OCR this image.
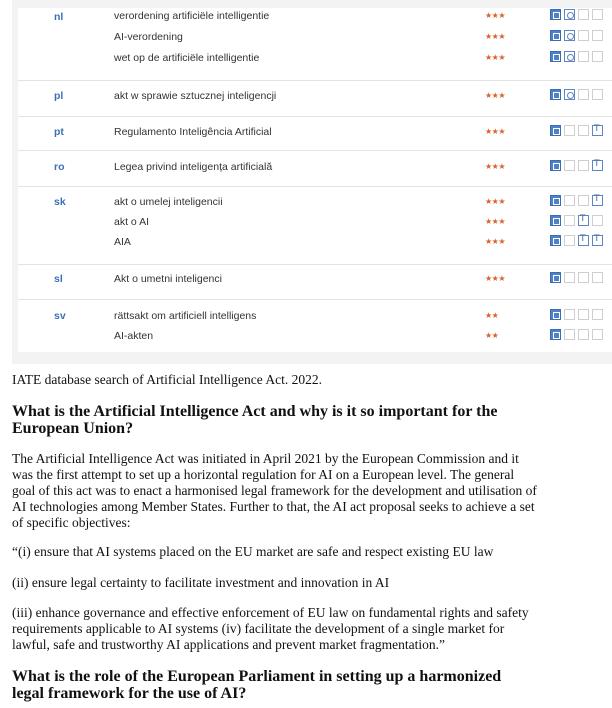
nl	verordening artificiële intelligentie	★★★
AI-verordening	★★★
wet op de artificiële intelligentie	★★★
pl	akt w sprawie sztucznej inteligencji	★★★
pt	Regulamento Inteligência Artificial	★★★
T
ro	Legea privind inteligența artificială	★★★
T
sk	akt o umelej inteligencii	★★★
T
akt o AI	★★★
T
AIA	★★★
TT
sl	Akt o umetni inteligenci	★★★
sv	rättsakt om artificiell intelligens	★★
AI-akten	★★
IATE database search of Artificial Intelligence Act. 2022.
What is the Artificial Intelligence Act and why is it so important for the European Union?
The Artificial Intelligence Act was initiated in April 2021 by the European Commission and it was the first attempt to set up a horizontal regulation for AI on a European level. The general goal of this act was to enact a harmonised legal framework for the development and utilisation of AI technologies among Member States. Further to that, the AI act proposal seeks to achieve a set of specific objectives:
“(i) ensure that AI systems placed on the EU market are safe and respect existing EU law
(ii) ensure legal certainty to facilitate investment and innovation in AI
(iii) enhance governance and effective enforcement of EU law on fundamental rights and safety requirements applicable to AI systems (iv) facilitate the development of a single market for lawful, safe and trustworthy AI applications and prevent market fragmentation.”
What is the role of the European Parliament in setting up a harmonized legal framework for the use of AI?
